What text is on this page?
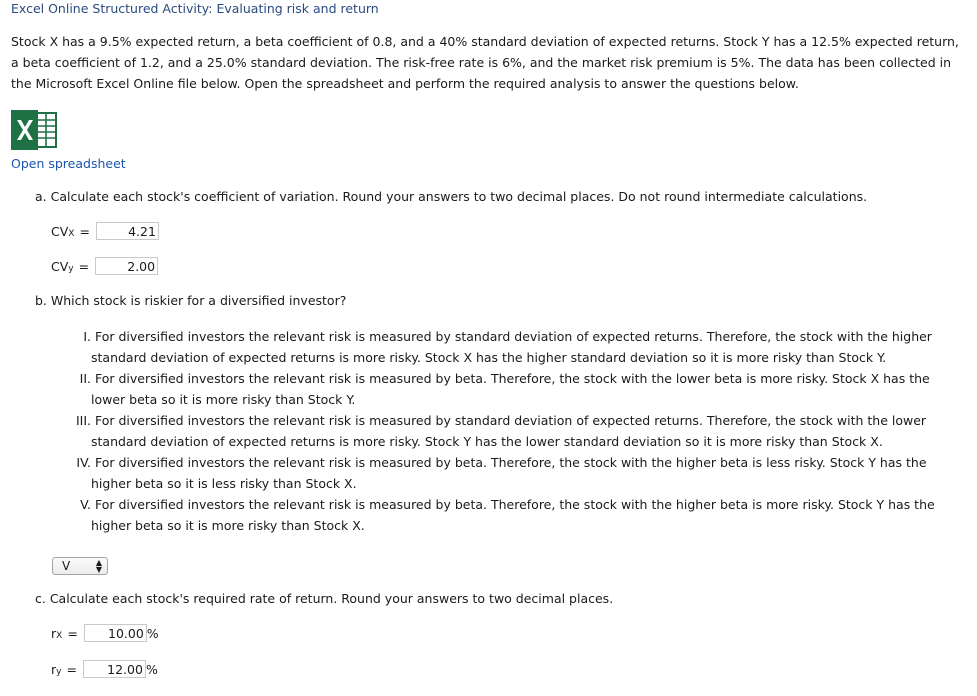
Excel Online Structured Activity: Evaluating risk and return
Stock X has a 9.5% expected return, a beta coefficient of 0.8, and a 40% standard deviation of expected returns. Stock Y has a 12.5% expected return, a beta coefficient of 1.2, and a 25.0% standard deviation. The risk-free rate is 6%, and the market risk premium is 5%. The data has been collected in the Microsoft Excel Online file below. Open the spreadsheet and perform the required analysis to answer the questions below.
Open spreadsheet
a. Calculate each stock's coefficient of variation. Round your answers to two decimal places. Do not round intermediate calculations.
CV X =	4.21
CV y =	2.00
b. Which stock is riskier for a diversified investor?
I. For diversified investors the relevant risk is measured by standard deviation of expected returns. Therefore, the stock with the higher standard deviation of expected returns is more risky. Stock X has the higher standard deviation so it is more risky than Stock Y.
II. For diversified investors the relevant risk is measured by beta. Therefore, the stock with the lower beta is more risky. Stock X has the lower beta so it is more risky than Stock Y.
III. For diversified investors the relevant risk is measured by standard deviation of expected returns. Therefore, the stock with the lower standard deviation of expected returns is more risky. Stock Y has the lower standard deviation so it is more risky than Stock X.
IV. For diversified investors the relevant risk is measured by beta. Therefore, the stock with the higher beta is less risky. Stock Y has the higher beta so it is less risky than Stock X.
V. For diversified investors the relevant risk is measured by beta. Therefore, the stock with the higher beta is more risky. Stock Y has the higher beta so it is more risky than Stock X.
V	▲
▼
c. Calculate each stock's required rate of return. Round your answers to two decimal places.
r X =	10.00 %
r y =	12.00 %
